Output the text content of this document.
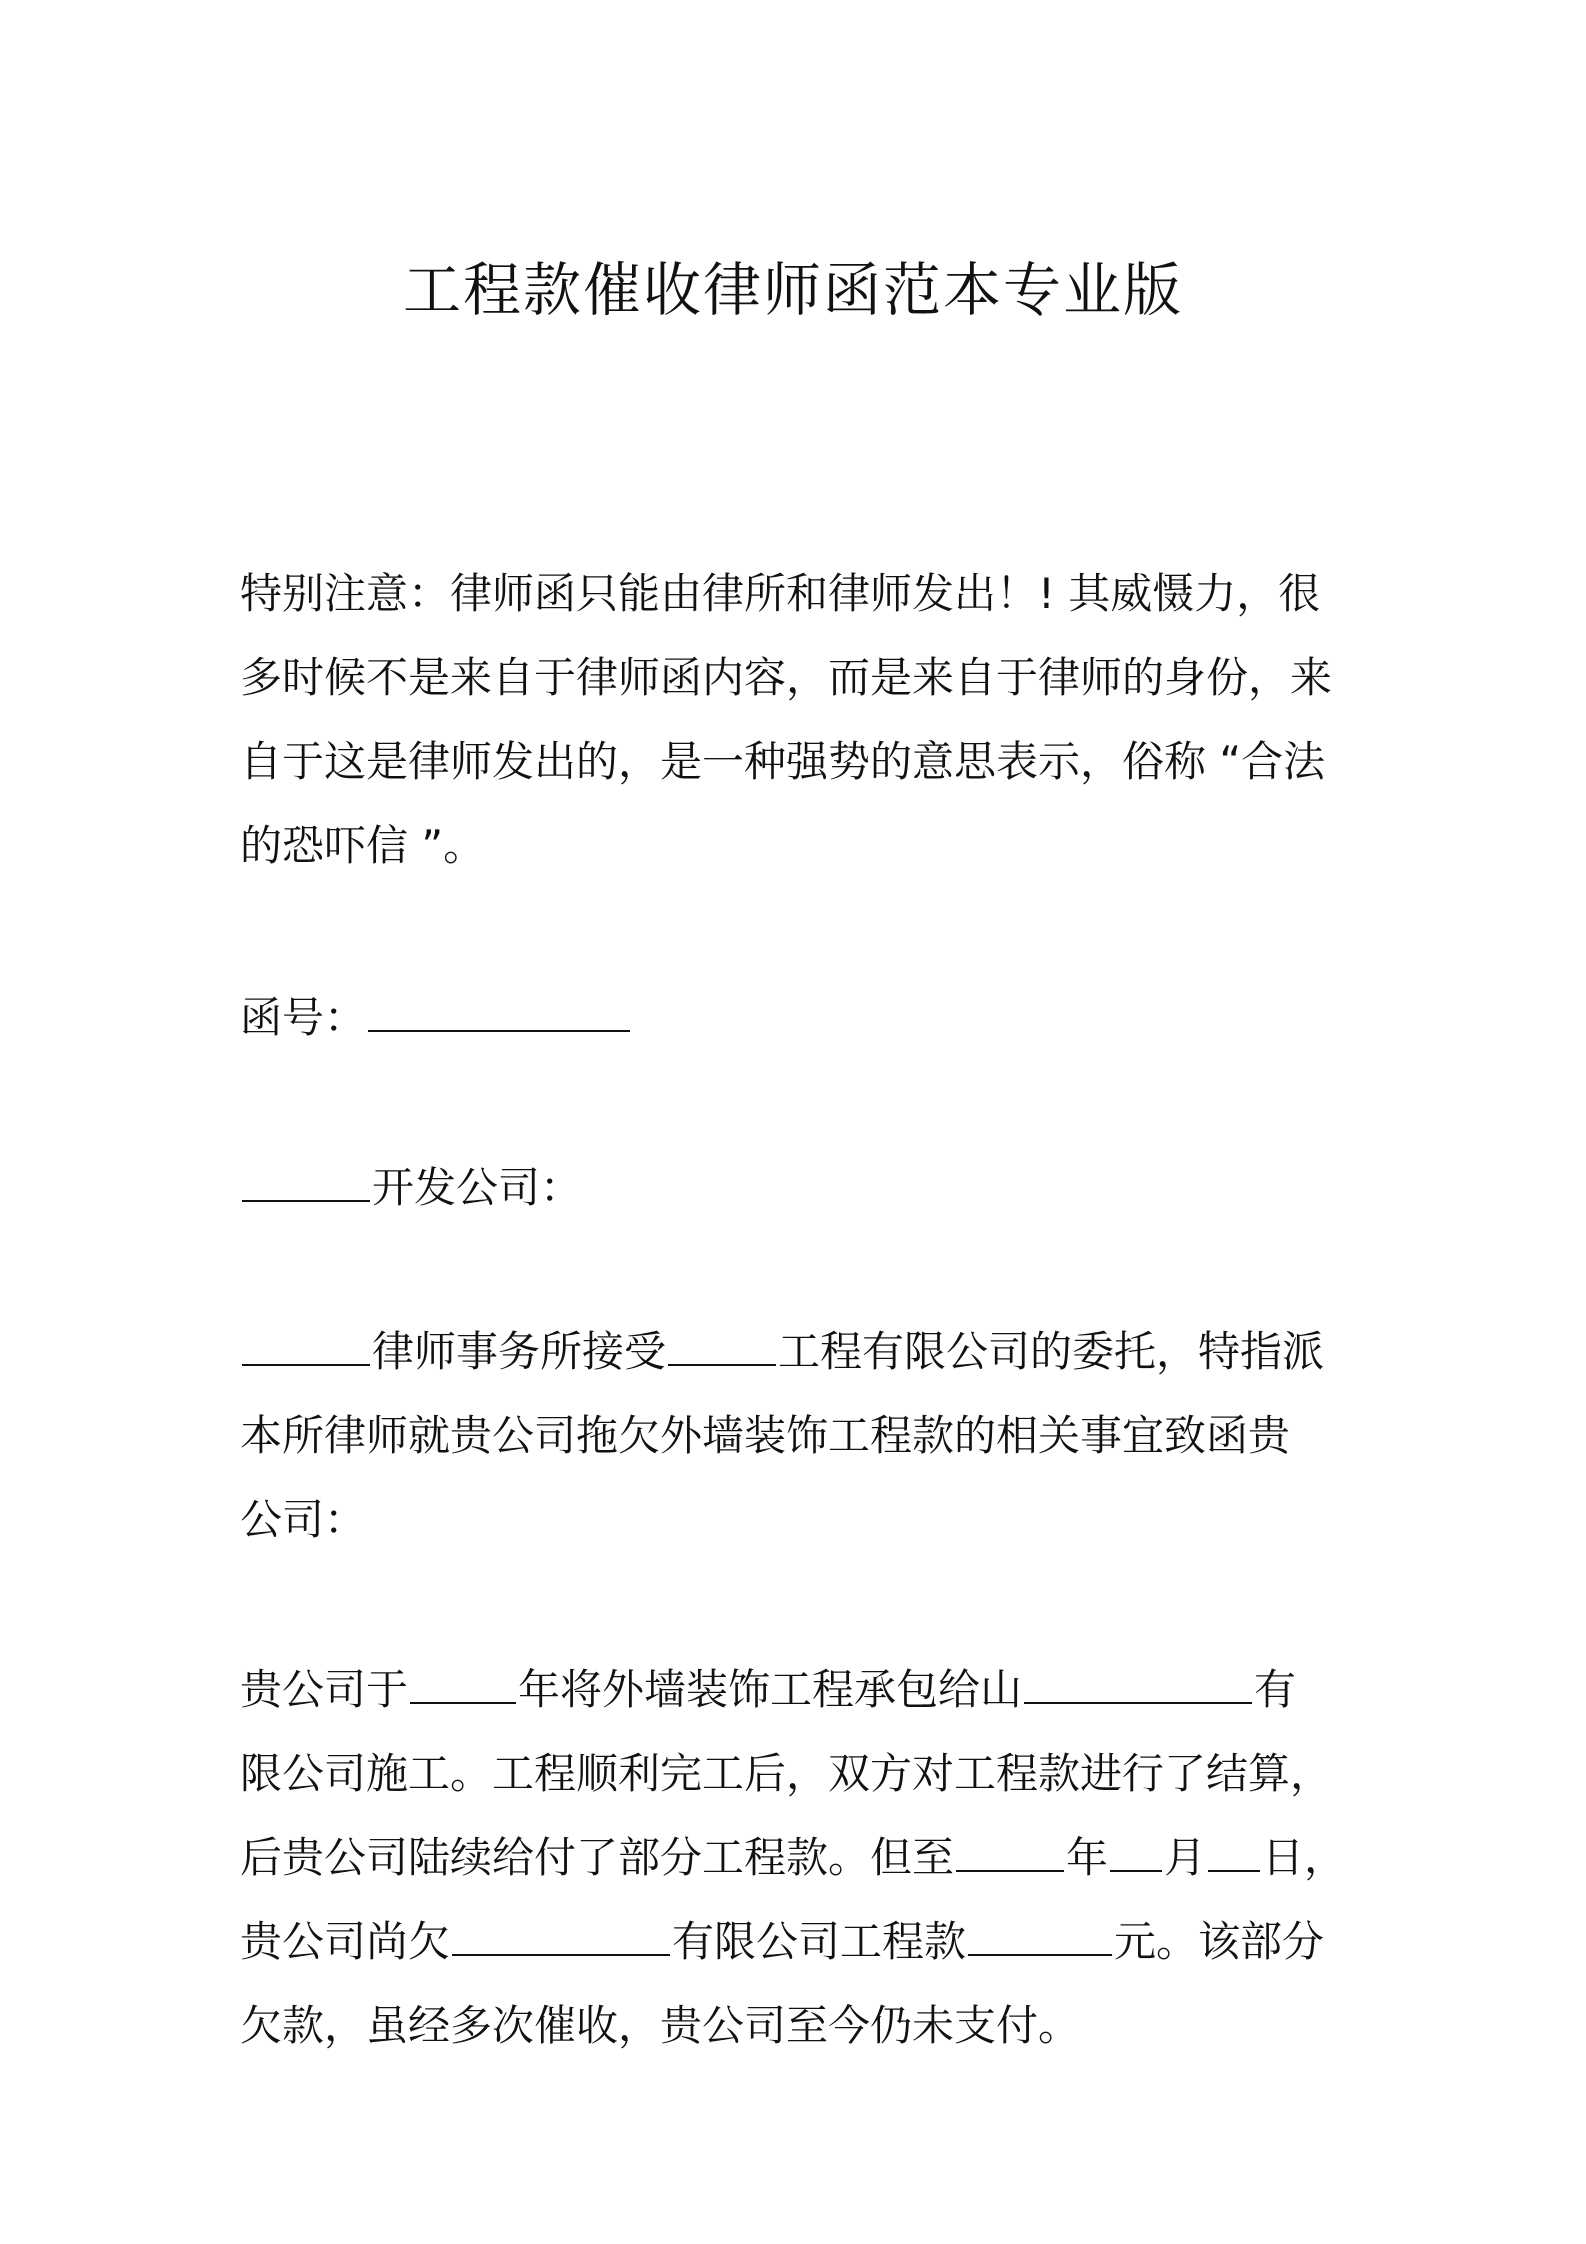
工程款催收律师函范本专业版
特别注意：律师函只能由律所和律师发出！! 其威慑力，很
多时候不是来自于律师函内容，而是来自于律师的身份，来
自于这是律师发出的，是一种强势的意思表示，俗称 “合法
的恐吓信 ”。
函号：
开发公司：
律师事务所接受	工程有限公司的委托，特指派
本所律师就贵公司拖欠外墙装饰工程款的相关事宜致函贵
公司：
贵公司于	年将外墙装饰工程承包给山	有
限公司施工。工程顺利完工后，双方对工程款进行了结算，
后贵公司陆续给付了部分工程款。但至	年 月 日，
贵公司尚欠	有限公司工程款	元。该部分
欠款，虽经多次催收，贵公司至今仍未支付。
